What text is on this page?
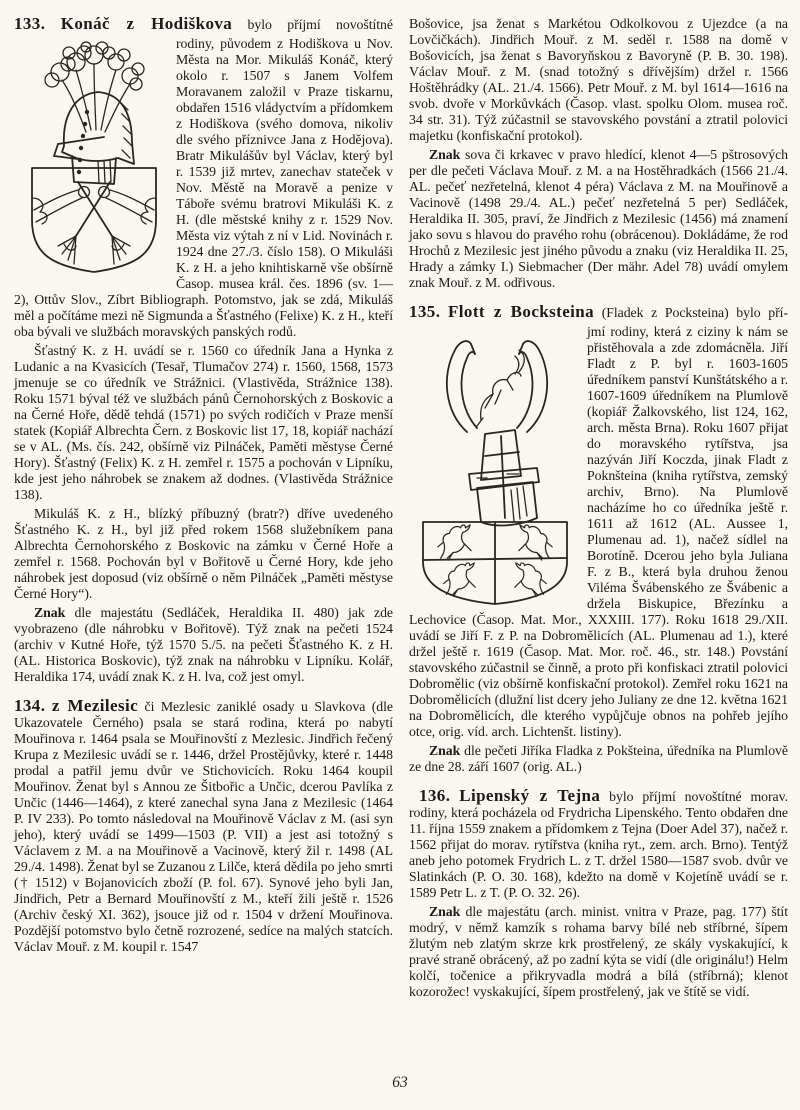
133. Konáč z Hodiškova bylo příjmí novoštítné

rodiny, původem z Hodiškova u Nov. Města na Mor. Mikuláš Konáč, který okolo r. 1507 s Janem Volfem Moravanem založil v Praze tiskarnu, obdařen 1516 vládyctvím a přídomkem z Hodiškova (svého domova, nikoliv dle svého příznivce Jana z Hodějova). Bratr Mikulášův byl Václav, který byl r. 1539 již mrtev, zanechav stateček v Nov. Městě na Moravě a penize v Táboře svému bratrovi Mikuláši K. z H. (dle městské knihy z r. 1529 Nov. Města viz výtah z ní v Lid. Novinách r. 1924 dne 27./3. číslo 158). O Mikuláši K. z H. a jeho knihtiskarně vše obšírně Časop. musea král. čes. 1896 (sv. 1—2), Ottův Slov., Zíbrt Bibliograph. Potomstvo, jak se zdá, Mikuláš měl a počítáme mezi ně Sigmunda a Šťastného (Felixe) K. z H., kteří oba bývali ve službách moravských panských rodů.

Šťastný K. z H. uvádí se r. 1560 co úředník Jana a Hynka z Ludanic a na Kvasicích (Tesař, Tlumačov 274) r. 1560, 1568, 1573 jmenuje se co úředník ve Strážnici. (Vlastivěda, Strážnice 138). Roku 1571 býval též ve službách pánů Černohorských z Boskovic a na Černé Hoře, dědě tehdá (1571) po svých rodičích v Praze menší statek (Kopiář Albrechta Čern. z Boskovic list 17, 18, kopiář nachází se v AL. (Ms. čís. 242, obšírně viz Pilnáček, Paměti městyse Černé Hory). Šťastný (Felix) K. z H. zemřel r. 1575 a pochován v Lipníku, kde jest jeho náhrobek se znakem až dodnes. (Vlastivěda Strážnice 138).

Mikuláš K. z H., blízký příbuzný (bratr?) dříve uvedeného Šťastného K. z H., byl již před rokem 1568 služebníkem pana Albrechta Černohorského z Boskovic na zámku v Černé Hoře a zemřel r. 1568. Pochován byl v Bořitově u Černé Hory, kde jeho náhrobek jest doposud (viz obšírně o něm Pilnáček „Paměti městyse Černé Hory“).

Znak dle majestátu (Sedláček, Heraldika II. 480) jak zde vyobrazeno (dle náhrobku v Bořitově). Týž znak na pečeti 1524 (archiv v Kutné Hoře, týž 1570 5./5. na pečeti Šťastného K. z H. (AL. Historica Boskovic), týž znak na náhrobku v Lipníku. Kolář, Heraldika 174, uvádí znak K. z H. lva, což jest omyl.

134. z Mezilesic či Mezlesic zaniklé osady u Slavkova (dle Ukazovatele Černého) psala se stará rodina, která po nabytí Mouřinova r. 1464 psala se Mouřinovští z Mezlesic. Jindřich řečený Krupa z Mezilesic uvádí se r. 1446, držel Prostějůvky, které r. 1448 prodal a patřil jemu dvůr ve Stichovicích. Roku 1464 koupil Mouřinov. Ženat byl s Annou ze Šitbořic a Unčic, dcerou Pavlíka z Unčic (1446—1464), z které zanechal syna Jana z Mezilesic (1464 P. IV 233). Po tomto následoval na Mouřinově Václav z M. (asi syn jeho), který uvádí se 1499—1503 (P. VII) a jest asi totožný s Václavem z M. a na Mouřinově a Vacinově, který žil r. 1498 (AL 29./4. 1498). Ženat byl se Zuzanou z Lilče, která dědila po jeho smrti († 1512) v Bojanovicích zboží (P. fol. 67). Synové jeho byli Jan, Jindřich, Petr a Bernard Mouřinovští z M., kteří žili ještě r. 1526 (Archiv český XI. 362), jsouce již od r. 1504 v držení Mouřinova. Pozdější potomstvo bylo četně rozrozené, sedíce na malých statcích. Václav Mouř. z M. koupil r. 1547

Bošovice, jsa ženat s Markétou Odkolkovou z Ujezdce (a na Lovčičkách). Jindřich Mouř. z M. seděl r. 1588 na domě v Bošovicích, jsa ženat s Bavoryňskou z Bavoryně (P. B. 30. 198). Václav Mouř. z M. (snad totožný s dřívějším) držel r. 1566 Hoštěhrádky (AL. 21./4. 1566). Petr Mouř. z M. byl 1614—1616 na svob. dvoře v Morkůvkách (Časop. vlast. spolku Olom. musea roč. 34 str. 31). Týž zúčastnil se stavovského povstání a ztratil polovici majetku (konfiskační protokol).

Znak sova či krkavec v pravo hledící, klenot 4—5 pštrosových per dle pečeti Václava Mouř. z M. a na Hostěhradkách (1566 21./4. AL. pečeť nezřetelná, klenot 4 péra) Václava z M. na Mouřinově a Vacinově (1498 29./4. AL.) pečeť nezřetelná 5 per) Sedláček, Heraldika II. 305, praví, že Jindřich z Mezilesic (1456) má znamení jako sovu s hlavou do pravého rohu (obrácenou). Dokládáme, že rod Hrochů z Mezilesic jest jiného původu a znaku (viz Heraldika II. 25, Hrady a zámky I.) Siebmacher (Der mähr. Adel 78) uvádí omylem znak Mouř. z M. odřivous.

135. Flott z Bocksteina (Fladek z Pocksteina) bylo pří-

jmí rodiny, která z ciziny k nám se přistěhovala a zde zdomácněla. Jiří Fladt z P. byl r. 1603-1605 úředníkem panství Kunštátského a r. 1607-1609 úředníkem na Plumlově (kopiář Žalkovského, list 124, 162, arch. města Brna). Roku 1607 přijat do moravského rytířstva, jsa nazýván Jiří Koczda, jinak Fladt z Poknšteina (kniha rytířstva, zemský archiv, Brno). Na Plumlově nacházíme ho co úředníka ještě r. 1611 až 1612 (AL. Aussee 1, Plumenau ad. 1), načež sídlel na Borotíně. Dcerou jeho byla Juliana F. z B., která byla druhou ženou Viléma Švábenského ze Švábenic a držela Biskupice, Březínku a Lechovice (Časop. Mat. Mor., XXXIII. 177). Roku 1618 29./XII. uvádí se Jiří F. z P. na Dobromělicích (AL. Plumenau ad 1.), které držel ještě r. 1619 (Časop. Mat. Mor. roč. 46., str. 148.) Povstání stavovského zúčastnil se činně, a proto při konfiskaci ztratil polovici Dobromělic (viz obšírně konfiskační protokol). Zemřel roku 1621 na Dobromělicích (dlužní list dcery jeho Juliany ze dne 12. května 1621 na Dobromělicích, dle kterého vypůjčuje obnos na pohřeb jejího otce, orig. víd. arch. Lichtenšt. listiny).

Znak dle pečeti Jiříka Fladka z Pokšteina, úředníka na Plumlově ze dne 28. září 1607 (orig. AL.)

136. Lipenský z Tejna bylo příjmí novoštítné morav. rodiny, která pocházela od Frydricha Lipenského. Tento obdařen dne 11. října 1559 znakem a přídomkem z Tejna (Doer Adel 37), načež r. 1562 přijat do morav. rytířstva (kniha ryt., zem. arch. Brno). Tentýž aneb jeho potomek Frydrich L. z T. držel 1580—1587 svob. dvůr ve Slatinkách (P. O. 30. 168), kdežto na domě v Kojetíně uvádí se r. 1589 Petr L. z T. (P. O. 32. 26).

Znak dle majestátu (arch. minist. vnitra v Praze, pag. 177) štít modrý, v němž kamzík s rohama barvy bílé neb stříbrné, šípem žlutým neb zlatým skrze krk prostřelený, ze skály vyskakující, k pravé straně obrácený, až po zadní kýta se vidí (dle originálu!) Helm kolčí, točenice a přikryvadla modrá a bílá (stříbrná); klenot kozorožec! vyskakující, šípem prostřelený, jak ve štítě se vidí.

63
